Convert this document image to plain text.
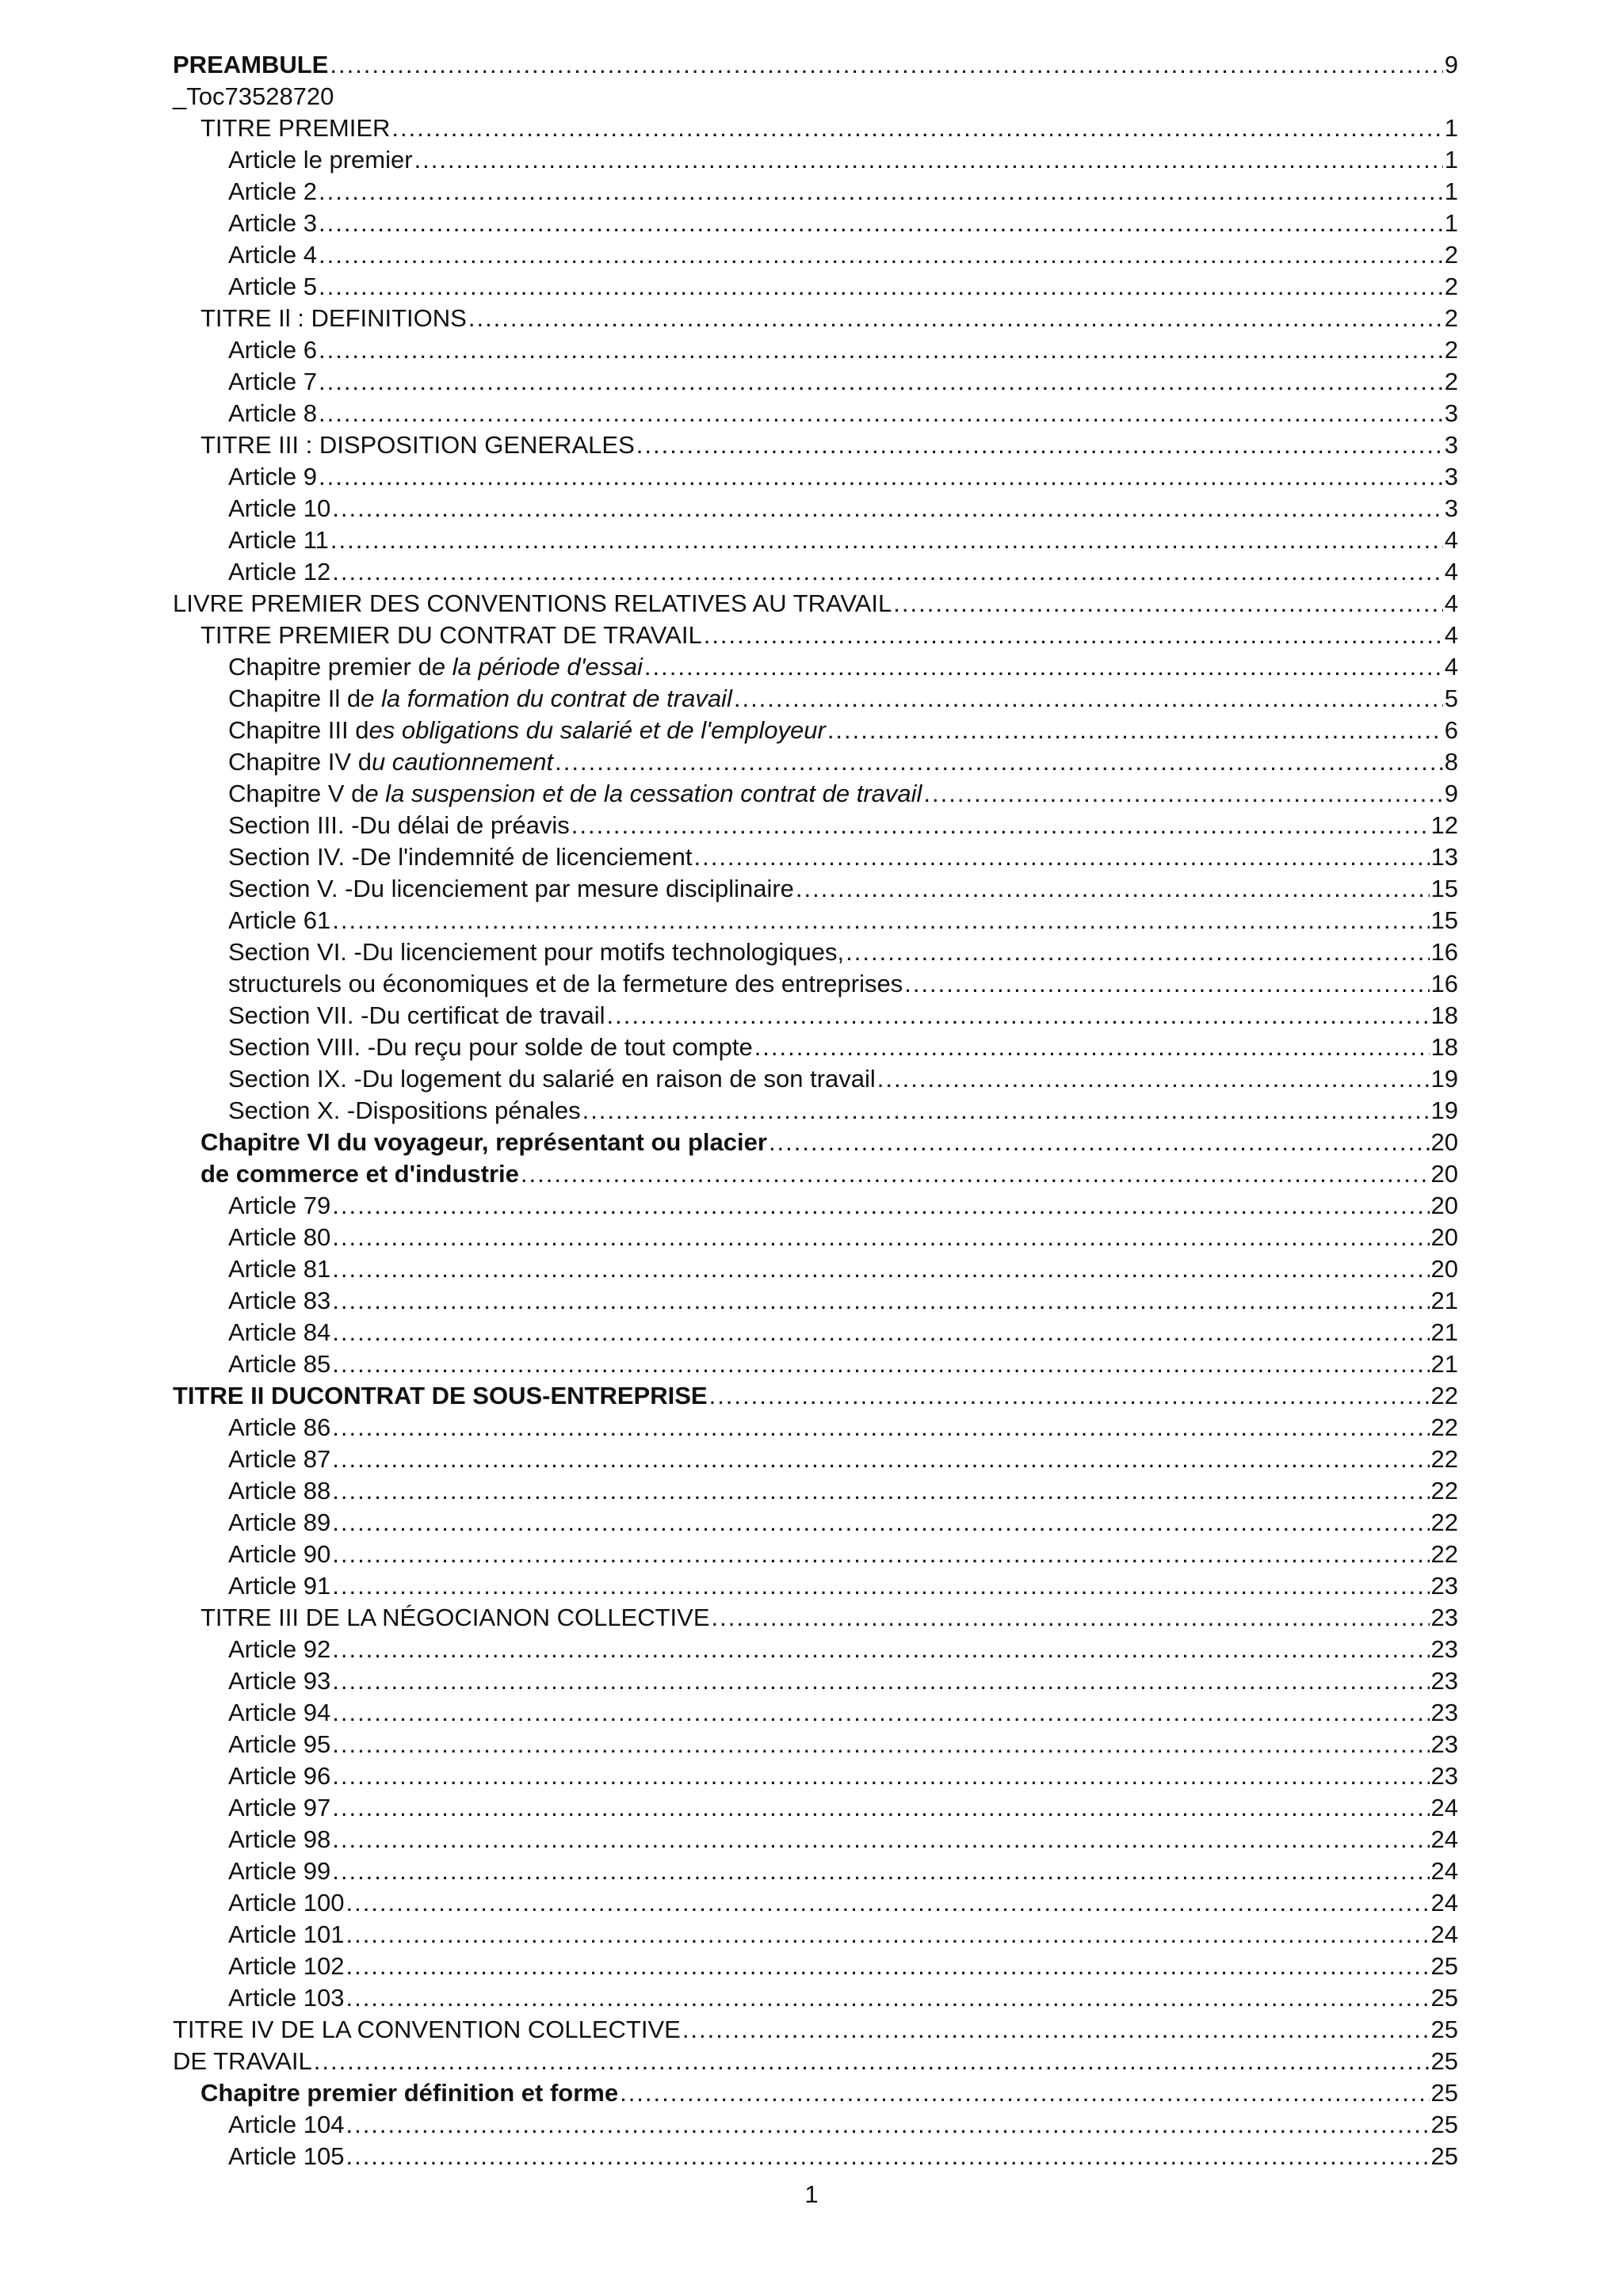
PREAMBULE .....	9
_Toc73528720
TITRE PREMIER .....	1
Article le premier .....	1
Article 2 .....	1
Article 3 .....	1
Article 4 .....	2
Article 5 .....	2
TITRE Il : DEFINITIONS .....	2
Article 6 .....	2
Article 7 .....	2
Article 8 .....	3
TITRE III : DISPOSITION GENERALES .....	3
Article 9 .....	3
Article 10 .....	3
Article 11 .....	4
Article 12 .....	4
LIVRE PREMIER DES CONVENTIONS RELATIVES AU TRAVAIL .....	4
TITRE PREMIER DU CONTRAT DE TRAVAIL .....	4
Chapitre premier d e la période d'essai .....	4
Chapitre Il d e la formation du contrat de travail .....	5
Chapitre III d es obligations du salarié et de l'employeur .....	6
Chapitre IV d u cautionnement .....	8
Chapitre V d e la suspension et de la cessation contrat de travail .....	9
Section III. -Du délai de préavis .....	12
Section IV. -De l'indemnité de licenciement .....	13
Section V. -Du licenciement par mesure disciplinaire .....	15
Article 61 .....	15
Section VI. -Du licenciement pour motifs technologiques, .....	16
structurels ou économiques et de la fermeture des entreprises .....	16
Section VII. -Du certificat de travail .....	18
Section VIII. -Du reçu pour solde de tout compte .....	18
Section IX. -Du logement du salarié en raison de son travail .....	19
Section X. -Dispositions pénales .....	19
Chapitre VI du voyageur, représentant ou placier .....	20
de commerce et d'industrie .....	20
Article 79 .....	20
Article 80 .....	20
Article 81 .....	20
Article 83 .....	21
Article 84 .....	21
Article 85 .....	21
TITRE II DUCONTRAT DE SOUS-ENTREPRISE .....	22
Article 86 .....	22
Article 87 .....	22
Article 88 .....	22
Article 89 .....	22
Article 90 .....	22
Article 91 .....	23
TITRE III DE LA NÉGOCIANON COLLECTIVE .....	23
Article 92 .....	23
Article 93 .....	23
Article 94 .....	23
Article 95 .....	23
Article 96 .....	23
Article 97 .....	24
Article 98 .....	24
Article 99 .....	24
Article 100 .....	24
Article 101 .....	24
Article 102 .....	25
Article 103 .....	25
TITRE IV DE LA CONVENTION COLLECTIVE .....	25
DE TRAVAIL .....	25
Chapitre premier définition et forme .....	25
Article 104 .....	25
Article 105 .....	25
1
